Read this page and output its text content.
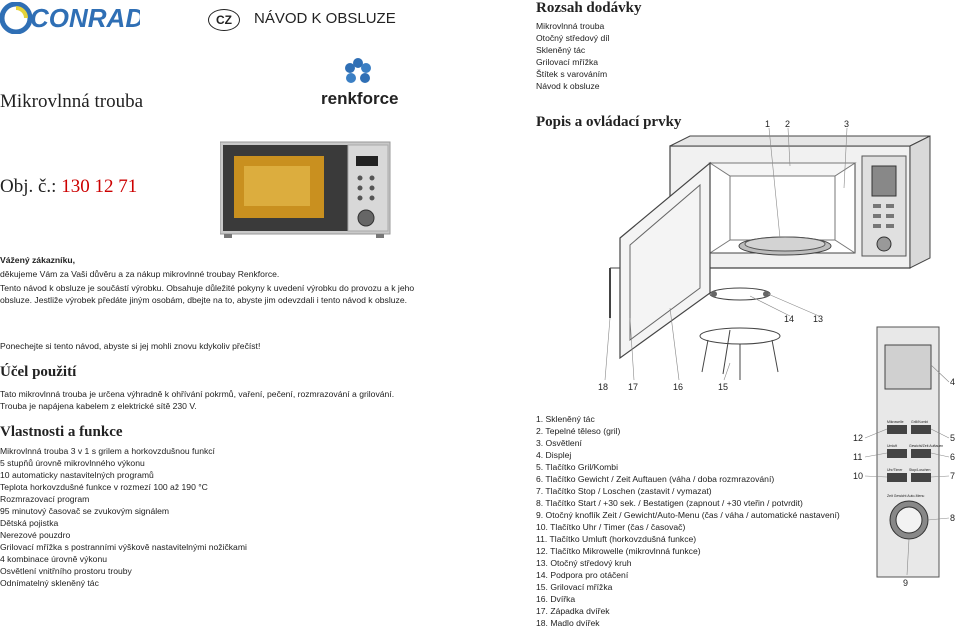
CONRAD	CZ	NÁVOD K OBSLUZE
Mikrovlnná trouba	renkforce
Rozsah dodávky
Mikrovlnná trouba
Otočný středový díl
Skleněný tác
Grilovací mřížka
Štítek s varováním
Návod k obsluze
Popis a ovládací prvky
Obj. č.: 130 12 71
Vážený zákazníku,

děkujeme Vám za Vaši důvěru a za nákup mikrovlnné troubay Renkforce.

Tento návod k obsluze je součástí výrobku. Obsahuje důležité pokyny k uvedení výrobku do provozu a k jeho obsluze. Jestliže výrobek předáte jiným osobám, dbejte na to, abyste jim odevzdali i tento návod k obsluze.

Ponechejte si tento návod, abyste si jej mohli znovu kdykoliv přečíst!
Účel použití
Tato mikrovlnná trouba je určena výhradně k ohřívání pokrmů, vaření, pečení, rozmrazování a grilování. Trouba je napájena kabelem z elektrické sítě 230 V.
Vlastnosti a funkce
Mikrovlnná trouba 3 v 1 s grilem a horkovzdušnou funkcí
5 stupňů úrovně mikrovlnného výkonu
10 automaticky nastavitelných programů
Teplota horkovzdušné funkce v rozmezí 100 až 190 °C
Rozmrazovací program
95 minutový časovač se zvukovým signálem
Dětská pojistka
Nerezové pouzdro
Grilovací mřížka s postranními výškově nastavitelnými nožičkami
4 kombinace úrovně výkonu
Osvětlení vnitřního prostoru trouby
Odnímatelný skleněný tác
1 2	3
14 13
18 17	16	15
Mikrowelle Grill/Kombi
Umluft	Gewicht/Zeit Auftauen
Uhr/Timer Stop/Loschen
Zeit Gewicht Auto-Menu
12
11
10
5
6
7
4
8
9
1. Skleněný tác
2. Tepelné těleso (gril)
3. Osvětlení
4. Displej
5. Tlačítko Gril/Kombi
6. Tlačítko Gewicht / Zeit Auftauen (váha / doba rozmrazování)
7. Tlačítko Stop / Loschen (zastavit / vymazat)
8. Tlačítko Start / +30 sek. / Bestatigen (zapnout / +30 vteřin / potvrdit)
9. Otočný knoflík Zeit / Gewicht/Auto-Menu (čas / váha / automatické nastavení)
10. Tlačítko Uhr / Timer (čas / časovač)
11. Tlačítko Umluft (horkovzdušná funkce)
12. Tlačítko Mikrowelle (mikrovlnná funkce)
13. Otočný středový kruh
14. Podpora pro otáčení
15. Grilovací mřížka
16. Dvířka
17. Západka dvířek
18. Madlo dvířek
